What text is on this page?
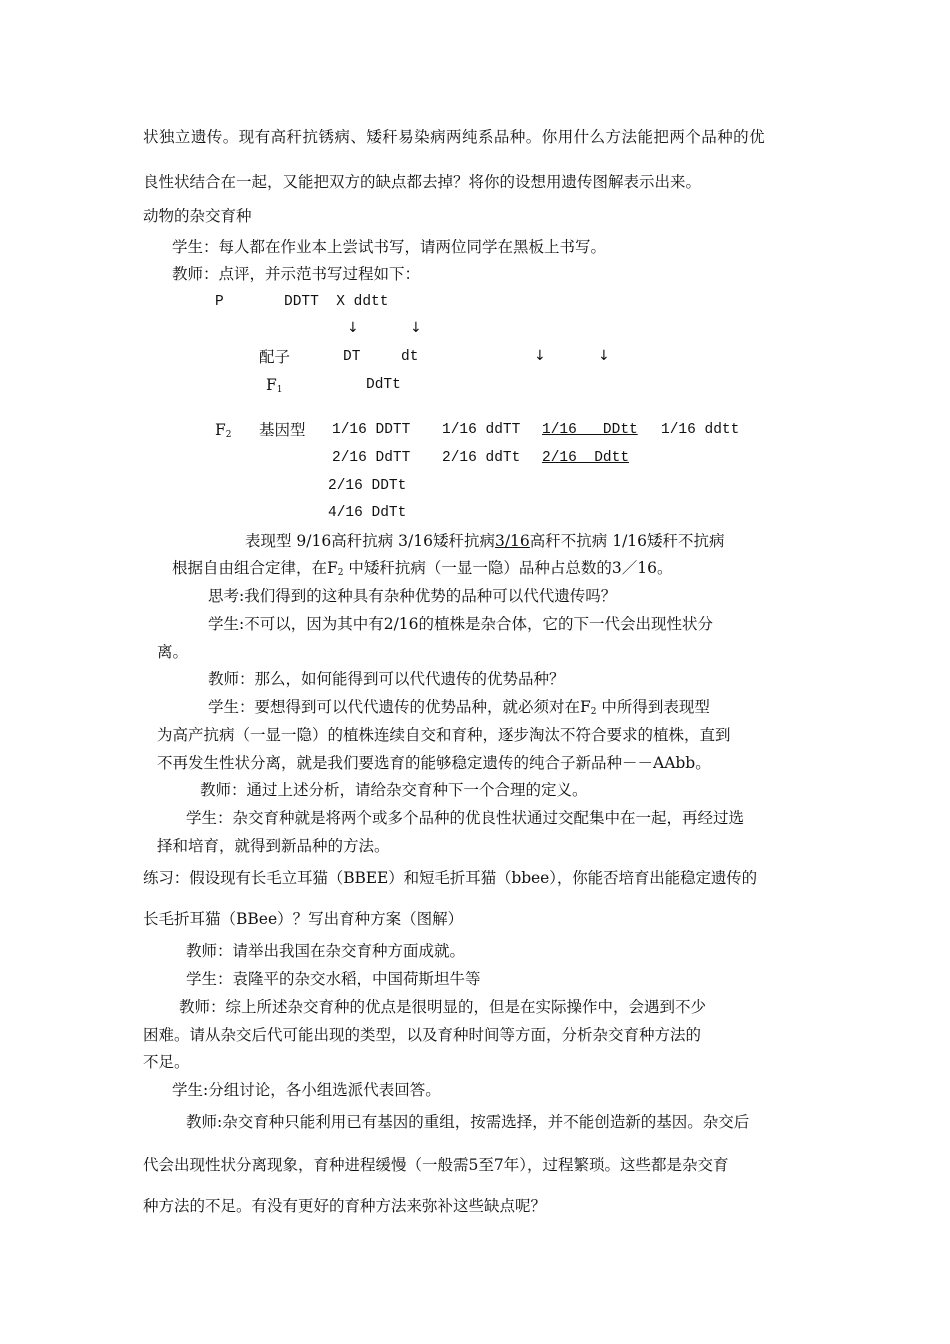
状独立遗传。现有高秆抗锈病、矮秆易染病两纯系品种。你用什么方法能把两个品种的优
良性状结合在一起，又能把双方的缺点都去掉？将你的设想用遗传图解表示出来。
动物的杂交育种
学生：每人都在作业本上尝试书写，请两位同学在黑板上书写。
教师：点评，并示范书写过程如下：
P	DDTT  X ddtt
↓	↓
配子	DT	dt	↓	↓
F1	DdTt
F2 基因型 1/16 DDTT 1/16 ddTT 1/16   DDtt 1/16 ddtt
2/16 DdTT 2/16 ddTt 2/16  Ddtt
2/16 DDTt
4/16 DdTt
表现型 9/16高秆抗病 3/16矮秆抗病3/16高秆不抗病 1/16矮秆不抗病
根据自由组合定律，在F2 中矮秆抗病（一显一隐）品种占总数的3／16。
思考:我们得到的这种具有杂种优势的品种可以代代遗传吗？
学生:不可以，因为其中有2/16的植株是杂合体，它的下一代会出现性状分
离。
教师：那么，如何能得到可以代代遗传的优势品种？
学生：要想得到可以代代遗传的优势品种，就必须对在F2 中所得到表现型
为高产抗病（一显一隐）的植株连续自交和育种，逐步淘汰不符合要求的植株，直到
不再发生性状分离，就是我们要选育的能够稳定遗传的纯合子新品种－－AAbb。
教师：通过上述分析，请给杂交育种下一个合理的定义。
学生：杂交育种就是将两个或多个品种的优良性状通过交配集中在一起，再经过选
择和培育，就得到新品种的方法。
练习：假设现有长毛立耳猫（BBEE）和短毛折耳猫（bbee），你能否培育出能稳定遗传的
长毛折耳猫（BBee）？写出育种方案（图解）
教师：请举出我国在杂交育种方面成就。
学生：袁隆平的杂交水稻，中国荷斯坦牛等
教师：综上所述杂交育种的优点是很明显的，但是在实际操作中，会遇到不少
困难。请从杂交后代可能出现的类型，以及育种时间等方面，分析杂交育种方法的
不足。
学生:分组讨论，各小组选派代表回答。
教师:杂交育种只能利用已有基因的重组，按需选择，并不能创造新的基因。杂交后
代会出现性状分离现象，育种进程缓慢（一般需5至7年），过程繁琐。这些都是杂交育
种方法的不足。有没有更好的育种方法来弥补这些缺点呢？
